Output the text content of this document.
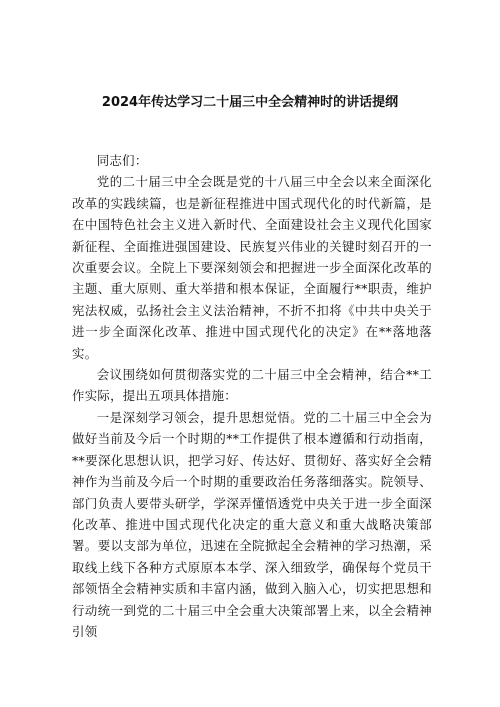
2024年传达学习二十届三中全会精神时的讲话提纲

同志们：

党的二十届三中全会既是党的十八届三中全会以来全面深化改革的实践续篇，也是新征程推进中国式现代化的时代新篇，是在中国特色社会主义进入新时代、全面建设社会主义现代化国家新征程、全面推进强国建设、民族复兴伟业的关键时刻召开的一次重要会议。全院上下要深刻领会和把握进一步全面深化改革的主题、重大原则、重大举措和根本保证，全面履行**职责，维护宪法权威，弘扬社会主义法治精神，不折不扣将《中共中央关于进一步全面深化改革、推进中国式现代化的决定》在**落地落实。

会议围绕如何贯彻落实党的二十届三中全会精神，结合**工作实际，提出五项具体措施：

一是深刻学习领会，提升思想觉悟。党的二十届三中全会为做好当前及今后一个时期的**工作提供了根本遵循和行动指南，**要深化思想认识，把学习好、传达好、贯彻好、落实好全会精神作为当前及今后一个时期的重要政治任务落细落实。院领导、部门负责人要带头研学，学深弄懂悟透党中央关于进一步全面深化改革、推进中国式现代化决定的重大意义和重大战略决策部署。要以支部为单位，迅速在全院掀起全会精神的学习热潮，采取线上线下各种方式原原本本学、深入细致学，确保每个党员干部领悟全会精神实质和丰富内涵，做到入脑入心，切实把思想和行动统一到党的二十届三中全会重大决策部署上来，以全会精神引领
